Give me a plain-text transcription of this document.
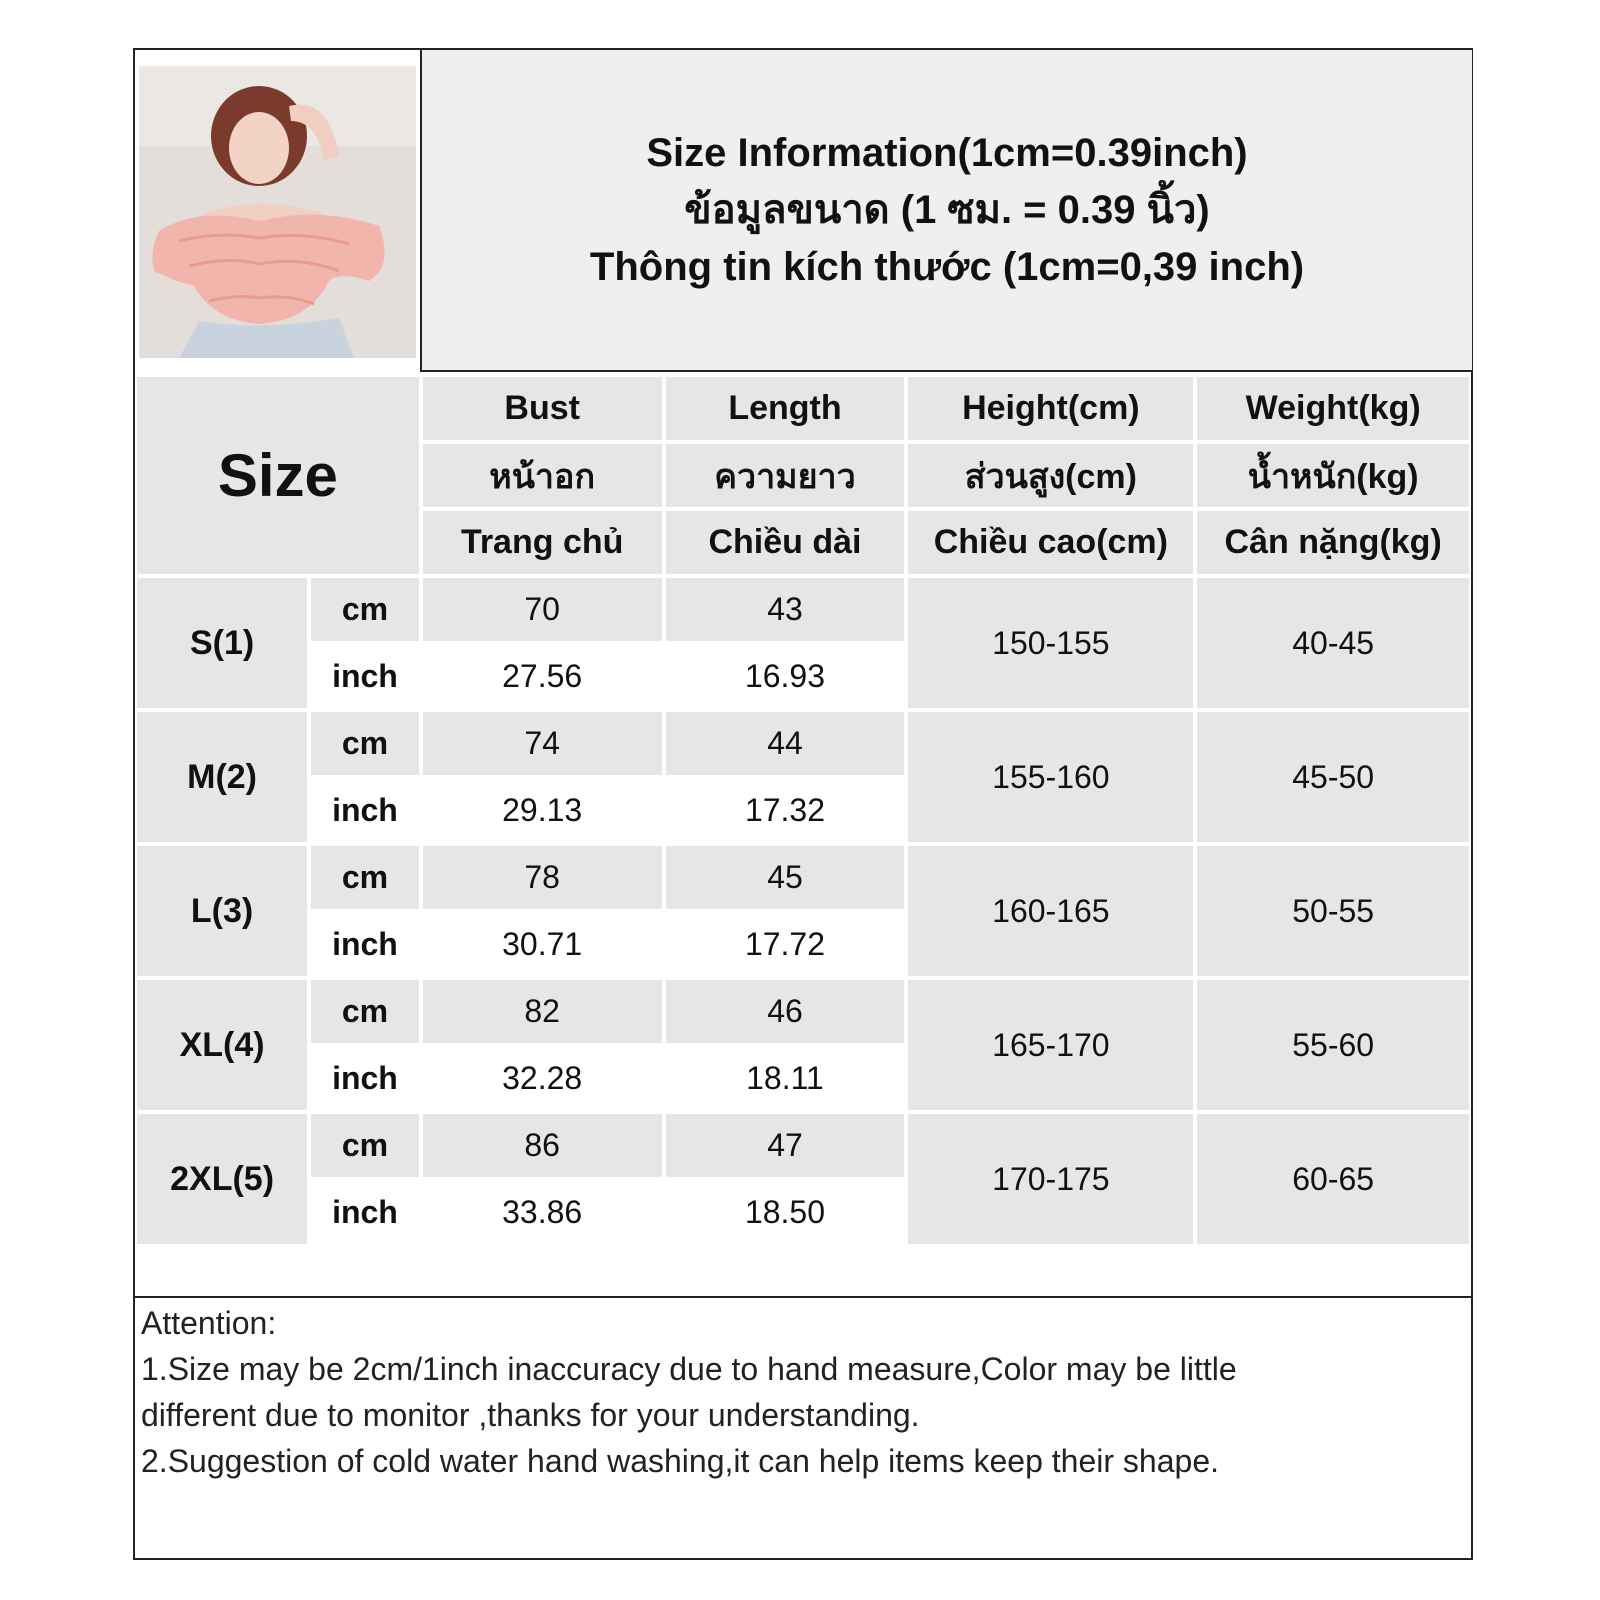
Size Information(1cm=0.39inch)
ข้อมูลขนาด (1 ซม. = 0.39 นิ้ว)
Thông tin kích thước (1cm=0,39 inch)
Size		Bust	Length	Height(cm)	Weight(kg)
		หน้าอก	ความยาว	ส่วนสูง(cm)	น้ำหนัก(kg)
		Trang chủ	Chiều dài	Chiều cao(cm)	Cân nặng(kg)
S(1)	cm	70	43	150-155	40-45
	inch	27.56	16.93		
M(2)	cm	74	44	155-160	45-50
	inch	29.13	17.32		
L(3)	cm	78	45	160-165	50-55
	inch	30.71	17.72		
XL(4)	cm	82	46	165-170	55-60
	inch	32.28	18.11		
2XL(5)	cm	86	47	170-175	60-65
	inch	33.86	18.50		
Attention:
1.Size may be 2cm/1inch inaccuracy due to hand measure,Color may be little
different due to monitor ,thanks for your understanding.
2.Suggestion of cold water hand washing,it can help items keep their shape.
